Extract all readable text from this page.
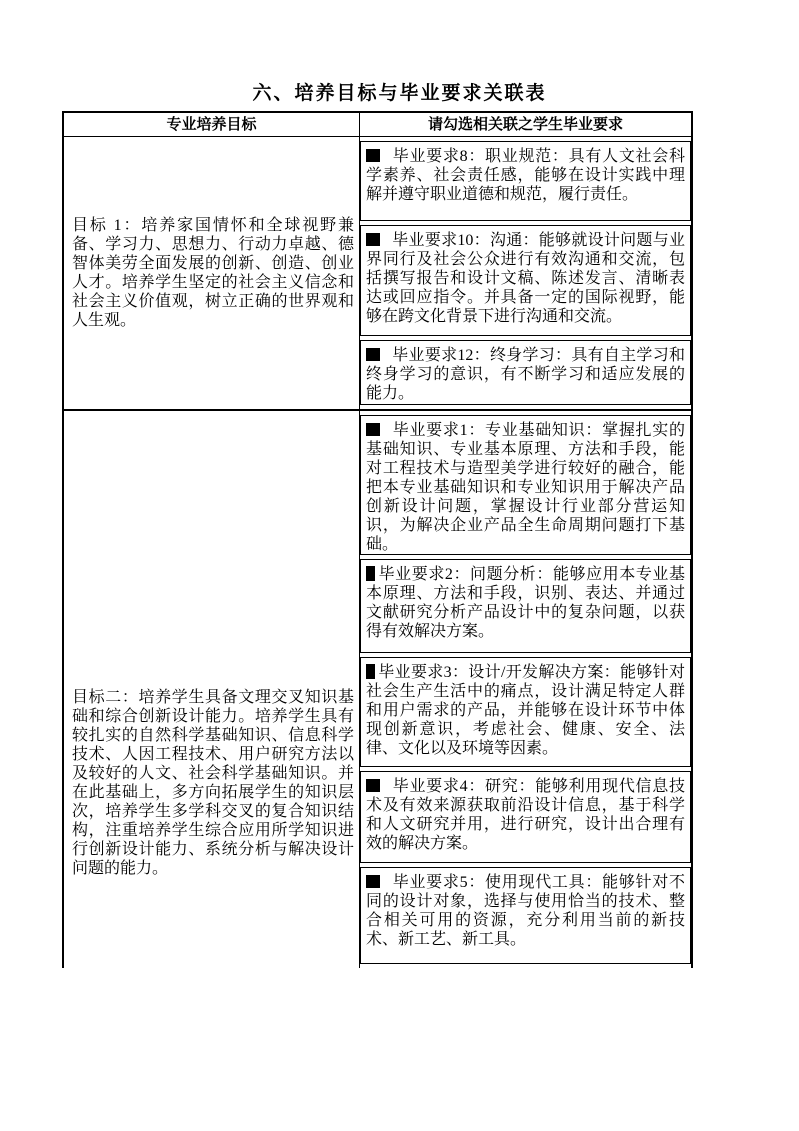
六、培养目标与毕业要求关联表
专业培养目标	请勾选相关联之学生毕业要求
目标 1：培养家国情怀和全球视野兼备、学习力、思想力、行动力卓越、德智体美劳全面发展的创新、创造、创业人才。培养学生坚定的社会主义信念和社会主义价值观，树立正确的世界观和人生观。
毕业要求8：职业规范：具有人文社会科学素养、社会责任感，能够在设计实践中理解并遵守职业道德和规范，履行责任。
毕业要求10：沟通：能够就设计问题与业界同行及社会公众进行有效沟通和交流，包括撰写报告和设计文稿、陈述发言、清晰表达或回应指令。并具备一定的国际视野，能够在跨文化背景下进行沟通和交流。
毕业要求12：终身学习：具有自主学习和终身学习的意识，有不断学习和适应发展的能力。
目标二：培养学生具备文理交叉知识基础和综合创新设计能力。培养学生具有较扎实的自然科学基础知识、信息科学技术、人因工程技术、用户研究方法以及较好的人文、社会科学基础知识。并在此基础上，多方向拓展学生的知识层次，培养学生多学科交叉的复合知识结构，注重培养学生综合应用所学知识进行创新设计能力、系统分析与解决设计问题的能力。
毕业要求1：专业基础知识：掌握扎实的基础知识、专业基本原理、方法和手段，能对工程技术与造型美学进行较好的融合，能把本专业基础知识和专业知识用于解决产品创新设计问题，掌握设计行业部分营运知识，为解决企业产品全生命周期问题打下基础。
毕业要求2：问题分析：能够应用本专业基本原理、方法和手段，识别、表达、并通过文献研究分析产品设计中的复杂问题，以获得有效解决方案。
毕业要求3：设计/开发解决方案：能够针对社会生产生活中的痛点，设计满足特定人群和用户需求的产品，并能够在设计环节中体现创新意识，考虑社会、健康、安全、法律、文化以及环境等因素。
毕业要求4：研究：能够利用现代信息技术及有效来源获取前沿设计信息，基于科学和人文研究并用，进行研究，设计出合理有效的解决方案。
毕业要求5：使用现代工具：能够针对不同的设计对象，选择与使用恰当的技术、整合相关可用的资源，充分利用当前的新技术、新工艺、新工具。
